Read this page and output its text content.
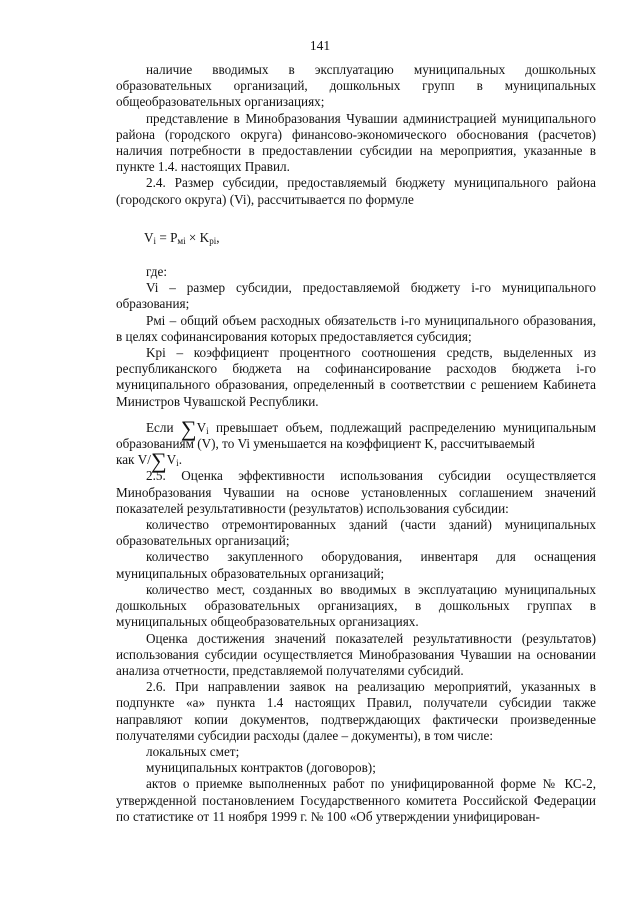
141

наличие вводимых в эксплуатацию муниципальных дошкольных образовательных организаций, дошкольных групп в муниципальных общеобразовательных организациях;

представление в Минобразования Чувашии администрацией муниципального района (городского округа) финансово-экономического обоснования (расчетов) наличия потребности в предоставлении субсидии на мероприятия, указанные в пункте 1.4. настоящих Правил.

2.4. Размер субсидии, предоставляемый бюджету муниципального района (городского округа) (Vi), рассчитывается по формуле

$V_i = P_{мi} \times K_{pi}$,

где:

Vi – размер субсидии, предоставляемой бюджету i-го муниципального образования;

Pмi – общий объем расходных обязательств i-го муниципального образования, в целях софинансирования которых предоставляется субсидия;

Kpi – коэффициент процентного соотношения средств, выделенных из республиканского бюджета на софинансирование расходов бюджета i-го муниципального образования, определенный в соответствии с решением Кабинета Министров Чувашской Республики.

Если $\sum V_i$ превышает объем, подлежащий распределению муниципальным образованиям (V), то Vi уменьшается на коэффициент K, рассчитываемый

как $V/\sum V_i$.

2.5. Оценка эффективности использования субсидии осуществляется Минобразования Чувашии на основе установленных соглашением значений показателей результативности (результатов) использования субсидии:

количество отремонтированных зданий (части зданий) муниципальных образовательных организаций;

количество закупленного оборудования, инвентаря для оснащения муниципальных образовательных организаций;

количество мест, созданных во вводимых в эксплуатацию муниципальных дошкольных образовательных организациях, в дошкольных группах в муниципальных общеобразовательных организациях.

Оценка достижения значений показателей результативности (результатов) использования субсидии осуществляется Минобразования Чувашии на основании анализа отчетности, представляемой получателями субсидий.

2.6. При направлении заявок на реализацию мероприятий, указанных в подпункте «а» пункта 1.4 настоящих Правил, получатели субсидии также направляют копии документов, подтверждающих фактически произведенные получателями субсидии расходы (далее – документы), в том числе:

локальных смет;

муниципальных контрактов (договоров);

актов о приемке выполненных работ по унифицированной форме № КС-2, утвержденной постановлением Государственного комитета Российской Федерации по статистике от 11 ноября 1999 г. № 100 «Об утверждении унифицирован-
